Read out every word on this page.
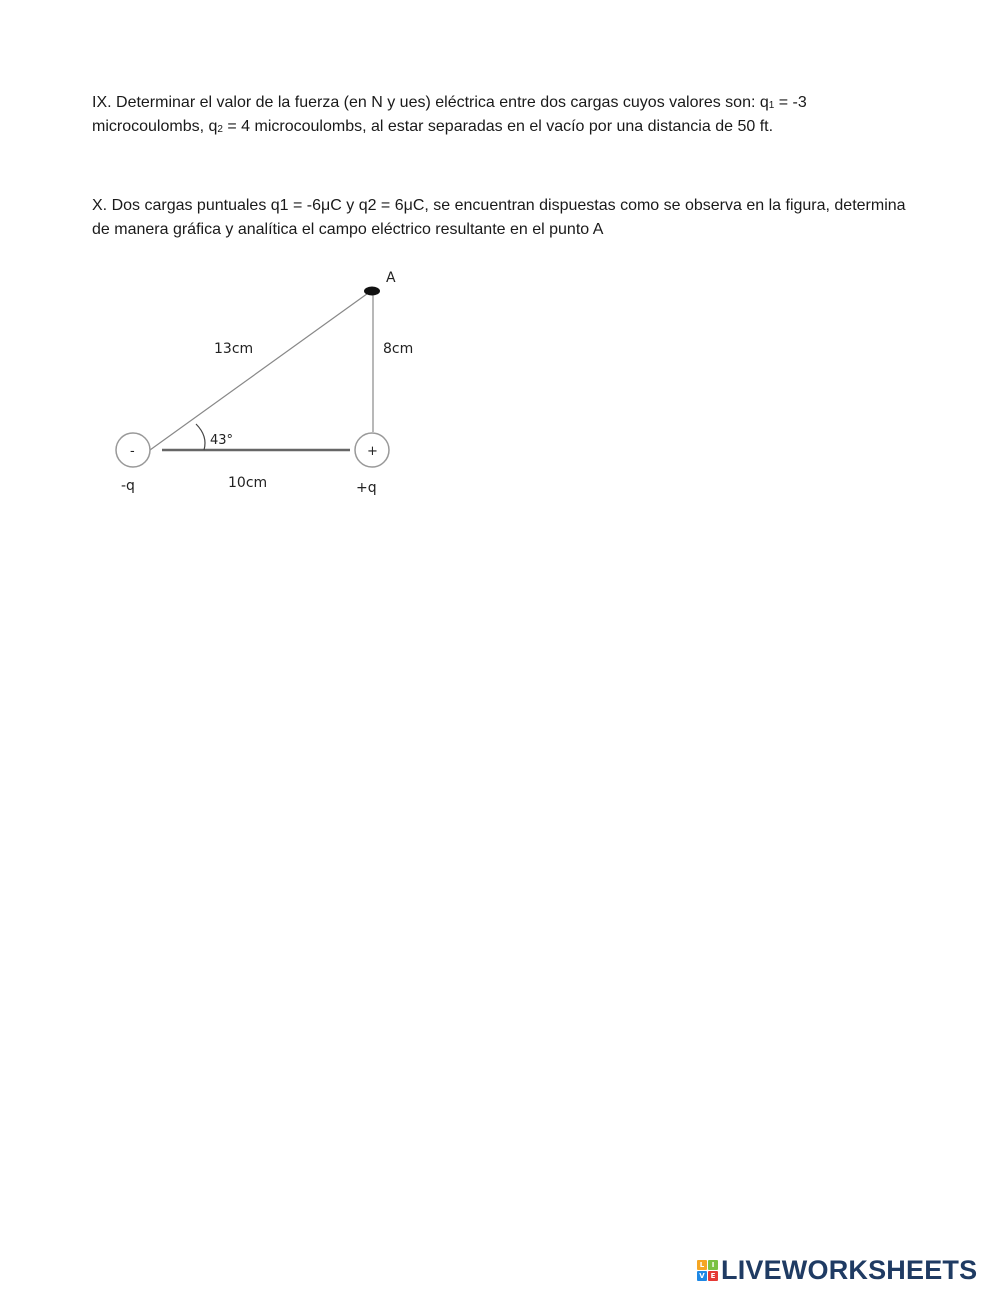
IX. Determinar el valor de la fuerza (en N y ues) eléctrica entre dos cargas cuyos valores son: $q_1 = -3$ microcoulombs, $q_2 = 4$ microcoulombs, al estar separadas en el vacío por una distancia de 50 ft.

X. Dos cargas puntuales q1 = -6μC y q2 = 6μC, se encuentran dispuestas como se observa en la figura, determina de manera gráfica y analítica el campo eléctrico resultante en el punto A

A
13cm	8cm
43°
-	+
10cm
-q	+q
L	I
V E LIVEWORKSHEETS
